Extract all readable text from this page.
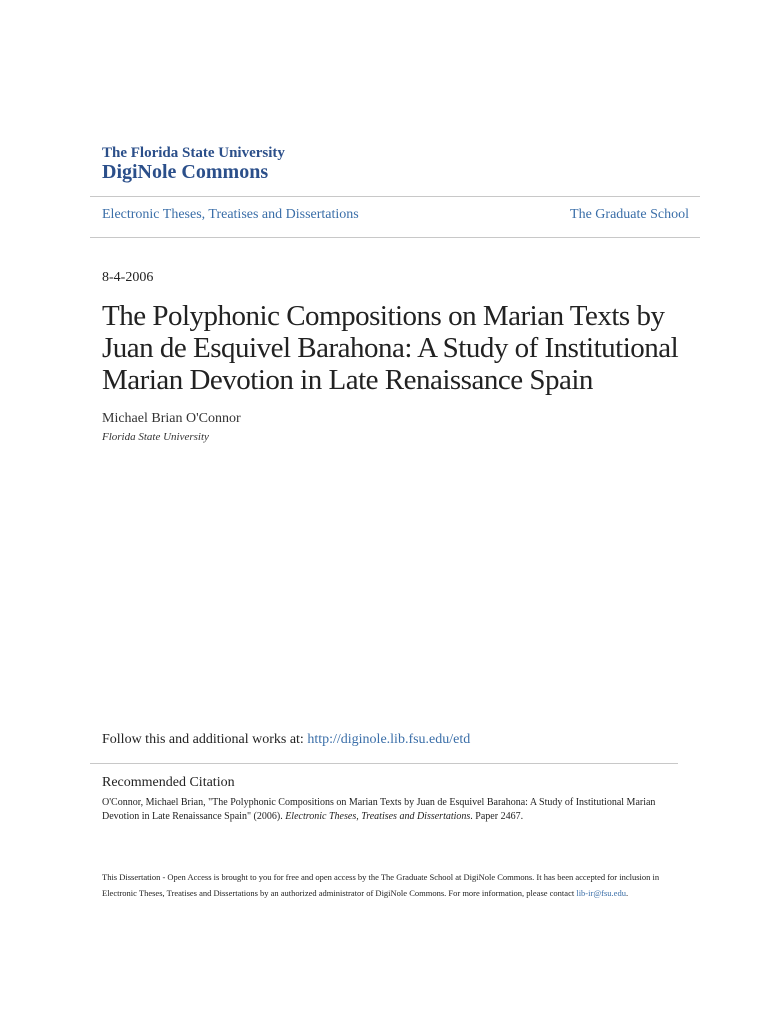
The Florida State University
DigiNole Commons
Electronic Theses, Treatises and Dissertations	The Graduate School
8-4-2006
The Polyphonic Compositions on Marian Texts by Juan de Esquivel Barahona: A Study of Institutional Marian Devotion in Late Renaissance Spain
Michael Brian O'Connor
Florida State University
Follow this and additional works at: http://diginole.lib.fsu.edu/etd
Recommended Citation
O'Connor, Michael Brian, "The Polyphonic Compositions on Marian Texts by Juan de Esquivel Barahona: A Study of Institutional Marian Devotion in Late Renaissance Spain" (2006). Electronic Theses, Treatises and Dissertations. Paper 2467.
This Dissertation - Open Access is brought to you for free and open access by the The Graduate School at DigiNole Commons. It has been accepted for inclusion in Electronic Theses, Treatises and Dissertations by an authorized administrator of DigiNole Commons. For more information, please contact lib-ir@fsu.edu.
